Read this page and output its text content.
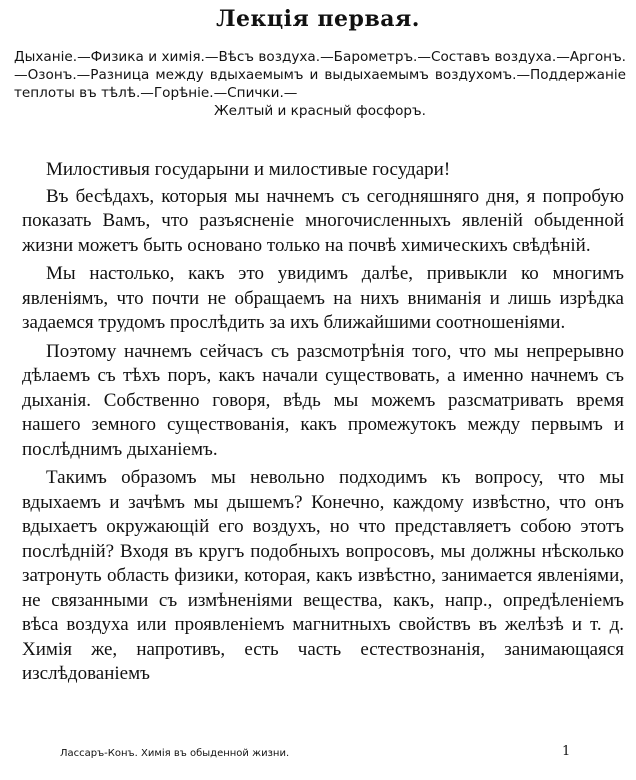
Лекція первая.
Дыханіе.—Физика и химія.—Вѣсъ воздуха.—Барометръ.—Составъ воздуха.—Аргонъ.—Озонъ.—Разница между вдыхаемымъ и выдыхаемымъ воздухомъ.—Поддержаніе теплоты въ тѣлѣ.—Горѣніе.—Спички.—
Желтый и красный фосфоръ.

Милостивыя государыни и милостивые государи!

Въ бесѣдахъ, которыя мы начнемъ съ сегодняшняго дня, я попробую показать Вамъ, что разъясненіе многочисленныхъ явленій обыденной жизни можетъ быть основано только на почвѣ химическихъ свѣдѣній.

Мы настолько, какъ это увидимъ далѣе, привыкли ко многимъ явленіямъ, что почти не обращаемъ на нихъ вниманія и лишь изрѣдка задаемся трудомъ прослѣдить за ихъ ближайшими соотношеніями.

Поэтому начнемъ сейчасъ съ разсмотрѣнія того, что мы непрерывно дѣлаемъ съ тѣхъ поръ, какъ начали существовать, а именно начнемъ съ дыханія. Собственно говоря, вѣдь мы можемъ разсматривать время нашего земного существованія, какъ промежутокъ между первымъ и послѣднимъ дыханіемъ.

Такимъ образомъ мы невольно подходимъ къ вопросу, что мы вдыхаемъ и зачѣмъ мы дышемъ? Конечно, каждому извѣстно, что онъ вдыхаетъ окружающій его воздухъ, но что представляетъ собою этотъ послѣдній? Входя въ кругъ подобныхъ вопросовъ, мы должны нѣсколько затронуть область физики, которая, какъ извѣстно, занимается явленіями, не связанными съ измѣненіями вещества, какъ, напр., опредѣленіемъ вѣса воздуха или проявленіемъ магнитныхъ свойствъ въ желѣзѣ и т. д. Химія же, напротивъ, есть часть естествознанія, занимающаяся изслѣдованіемъ

Лассаръ-Конъ. Химія въ обыденной жизни.	1
